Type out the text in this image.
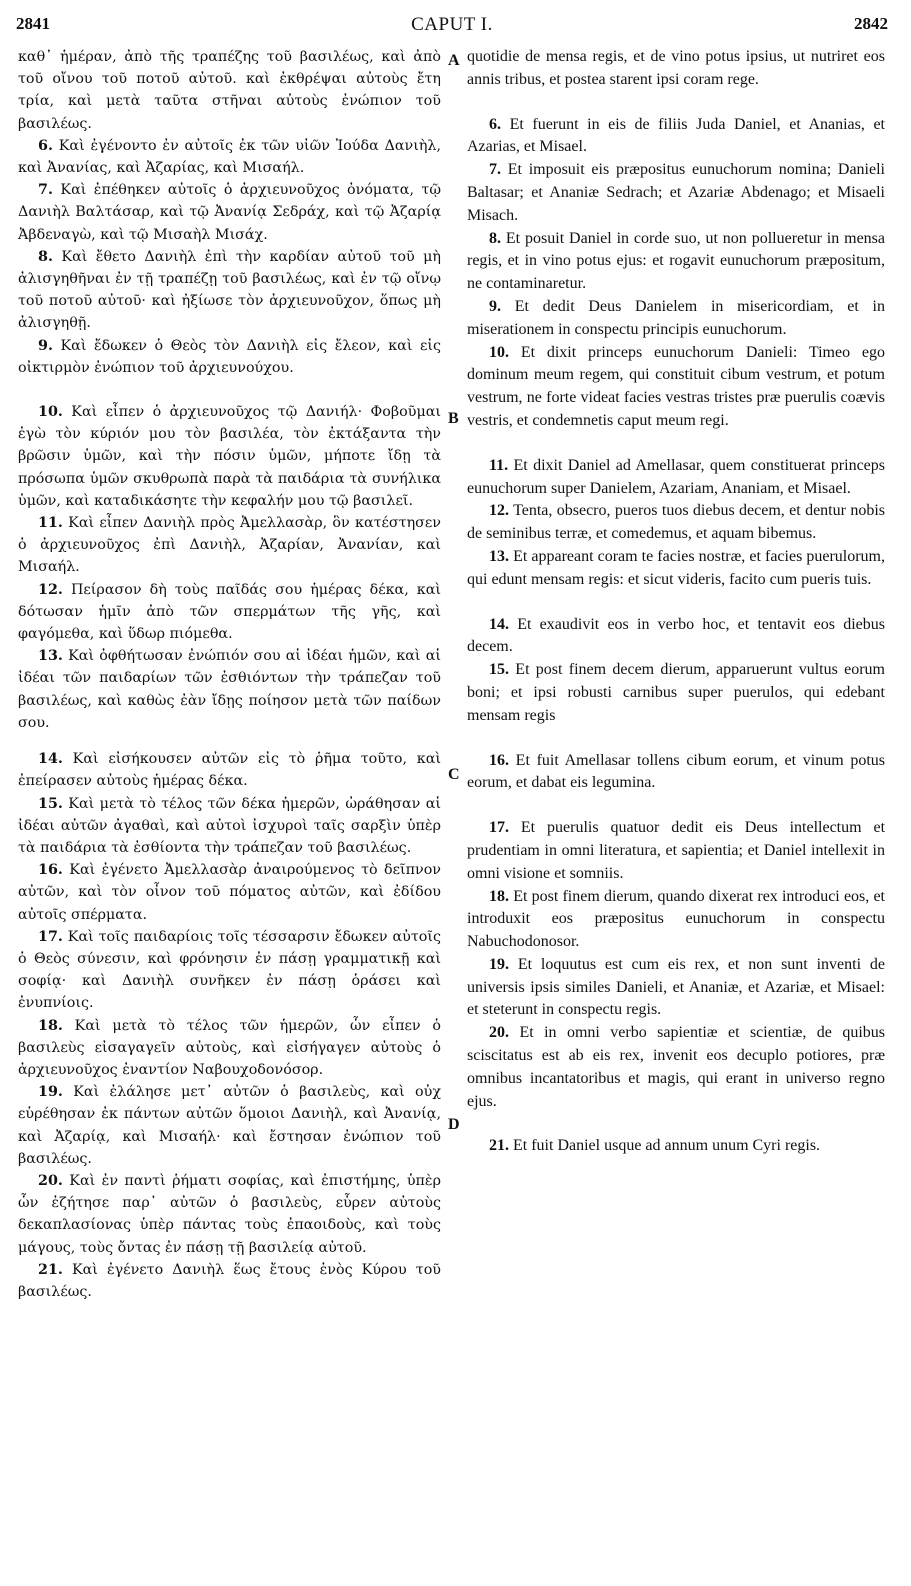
2841	CAPUT I.	2842
A
B
C
D

καθ᾽ ἡμέραν, ἀπὸ τῆς τραπέζης τοῦ βασιλέως, καὶ ἀπὸ τοῦ οἴνου τοῦ ποτοῦ αὐτοῦ. καὶ ἐκθρέψαι αὐτοὺς ἔτη τρία, καὶ μετὰ ταῦτα στῆναι αὐτοὺς ἐνώπιον τοῦ βασιλέως.

6. Καὶ ἐγένοντο ἐν αὐτοῖς ἐκ τῶν υἱῶν Ἰούδα Δανιὴλ, καὶ Ἀνανίας, καὶ Ἀζαρίας, καὶ Μισαήλ.

7. Καὶ ἐπέθηκεν αὐτοῖς ὁ ἀρχιευνοῦχος ὀνόματα, τῷ Δανιὴλ Βαλτάσαρ, καὶ τῷ Ἀνανίᾳ Σεδράχ, καὶ τῷ Ἀζαρίᾳ Ἀβδεναγὼ, καὶ τῷ Μισαὴλ Μισάχ.

8. Καὶ ἔθετο Δανιὴλ ἐπὶ τὴν καρδίαν αὐτοῦ τοῦ μὴ ἀλισγηθῆναι ἐν τῇ τραπέζῃ τοῦ βασιλέως, καὶ ἐν τῷ οἴνῳ τοῦ ποτοῦ αὐτοῦ· καὶ ἠξίωσε τὸν ἀρχιευνοῦχον, ὅπως μὴ ἀλισγηθῇ.

9. Καὶ ἔδωκεν ὁ Θεὸς τὸν Δανιὴλ εἰς ἔλεον, καὶ εἰς οἰκτιρμὸν ἐνώπιον τοῦ ἀρχιευνούχου.

10. Καὶ εἶπεν ὁ ἀρχιευνοῦχος τῷ Δανιήλ· Φοβοῦμαι ἐγὼ τὸν κύριόν μου τὸν βασιλέα, τὸν ἐκτάξαντα τὴν βρῶσιν ὑμῶν, καὶ τὴν πόσιν ὑμῶν, μήποτε ἴδῃ τὰ πρόσωπα ὑμῶν σκυθρωπὰ παρὰ τὰ παιδάρια τὰ συνήλικα ὑμῶν, καὶ καταδικάσητε τὴν κεφαλήν μου τῷ βασιλεῖ.

11. Καὶ εἶπεν Δανιὴλ πρὸς Ἀμελλασὰρ, ὃν κατέστησεν ὁ ἀρχιευνοῦχος ἐπὶ Δανιὴλ, Ἀζαρίαν, Ἀνανίαν, καὶ Μισαήλ.

12. Πείρασον δὴ τοὺς παῖδάς σου ἡμέρας δέκα, καὶ δότωσαν ἡμῖν ἀπὸ τῶν σπερμάτων τῆς γῆς, καὶ φαγόμεθα, καὶ ὕδωρ πιόμεθα.

13. Καὶ ὀφθήτωσαν ἐνώπιόν σου αἱ ἰδέαι ἡμῶν, καὶ αἱ ἰδέαι τῶν παιδαρίων τῶν ἐσθιόντων τὴν τράπεζαν τοῦ βασιλέως, καὶ καθὼς ἐὰν ἴδῃς ποίησον μετὰ τῶν παίδων σου.

14. Καὶ εἰσήκουσεν αὐτῶν εἰς τὸ ῥῆμα τοῦτο, καὶ ἐπείρασεν αὐτοὺς ἡμέρας δέκα.

15. Καὶ μετὰ τὸ τέλος τῶν δέκα ἡμερῶν, ὠράθησαν αἱ ἰδέαι αὐτῶν ἀγαθαὶ, καὶ αὐτοὶ ἰσχυροὶ ταῖς σαρξὶν ὑπὲρ τὰ παιδάρια τὰ ἐσθίοντα τὴν τράπεζαν τοῦ βασιλέως.

16. Καὶ ἐγένετο Ἀμελλασὰρ ἀναιρούμενος τὸ δεῖπνον αὐτῶν, καὶ τὸν οἶνον τοῦ πόματος αὐτῶν, καὶ ἐδίδου αὐτοῖς σπέρματα.

17. Καὶ τοῖς παιδαρίοις τοῖς τέσσαρσιν ἔδωκεν αὐτοῖς ὁ Θεὸς σύνεσιν, καὶ φρόνησιν ἐν πάσῃ γραμματικῇ καὶ σοφίᾳ· καὶ Δανιὴλ συνῆκεν ἐν πάσῃ ὁράσει καὶ ἐνυπνίοις.

18. Καὶ μετὰ τὸ τέλος τῶν ἡμερῶν, ὧν εἶπεν ὁ βασιλεὺς εἰσαγαγεῖν αὐτοὺς, καὶ εἰσήγαγεν αὐτοὺς ὁ ἀρχιευνοῦχος ἐναντίον Ναβουχοδονόσορ.

19. Καὶ ἐλάλησε μετ᾽ αὐτῶν ὁ βασιλεὺς, καὶ οὐχ εὑρέθησαν ἐκ πάντων αὐτῶν ὅμοιοι Δανιὴλ, καὶ Ἀνανίᾳ, καὶ Ἀζαρίᾳ, καὶ Μισαήλ· καὶ ἔστησαν ἐνώπιον τοῦ βασιλέως.

20. Καὶ ἐν παντὶ ῥήματι σοφίας, καὶ ἐπιστήμης, ὑπὲρ ὧν ἐζήτησε παρ᾽ αὐτῶν ὁ βασιλεὺς, εὗρεν αὐτοὺς δεκαπλασίονας ὑπὲρ πάντας τοὺς ἐπαοιδοὺς, καὶ τοὺς μάγους, τοὺς ὄντας ἐν πάσῃ τῇ βασιλείᾳ αὐτοῦ.

21. Καὶ ἐγένετο Δανιὴλ ἕως ἔτους ἑνὸς Κύρου τοῦ βασιλέως.

quotidie de mensa regis, et de vino potus ipsius, ut nutriret eos annis tribus, et postea starent ipsi coram rege.

6. Et fuerunt in eis de filiis Juda Daniel, et Ananias, et Azarias, et Misael.

7. Et imposuit eis præpositus eunuchorum nomina; Danieli Baltasar; et Ananiæ Sedrach; et Azariæ Abdenago; et Misaeli Misach.

8. Et posuit Daniel in corde suo, ut non pollueretur in mensa regis, et in vino potus ejus: et rogavit eunuchorum præpositum, ne contaminaretur.

9. Et dedit Deus Danielem in misericordiam, et in miserationem in conspectu principis eunuchorum.

10. Et dixit princeps eunuchorum Danieli: Timeo ego dominum meum regem, qui constituit cibum vestrum, et potum vestrum, ne forte videat facies vestras tristes præ puerulis coævis vestris, et condemnetis caput meum regi.

11. Et dixit Daniel ad Amellasar, quem constituerat princeps eunuchorum super Danielem, Azariam, Ananiam, et Misael.

12. Tenta, obsecro, pueros tuos diebus decem, et dentur nobis de seminibus terræ, et comedemus, et aquam bibemus.

13. Et appareant coram te facies nostræ, et facies puerulorum, qui edunt mensam regis: et sicut videris, facito cum pueris tuis.

14. Et exaudivit eos in verbo hoc, et tentavit eos diebus decem.

15. Et post finem decem dierum, apparuerunt vultus eorum boni; et ipsi robusti carnibus super puerulos, qui edebant mensam regis

16. Et fuit Amellasar tollens cibum eorum, et vinum potus eorum, et dabat eis legumina.

17. Et puerulis quatuor dedit eis Deus intellectum et prudentiam in omni literatura, et sapientia; et Daniel intellexit in omni visione et somniis.

18. Et post finem dierum, quando dixerat rex introduci eos, et introduxit eos præpositus eunuchorum in conspectu Nabuchodonosor.

19. Et loquutus est cum eis rex, et non sunt inventi de universis ipsis similes Danieli, et Ananiæ, et Azariæ, et Misael: et steterunt in conspectu regis.

20. Et in omni verbo sapientiæ et scientiæ, de quibus sciscitatus est ab eis rex, invenit eos decuplo potiores, præ omnibus incantatoribus et magis, qui erant in universo regno ejus.

21. Et fuit Daniel usque ad annum unum Cyri regis.
